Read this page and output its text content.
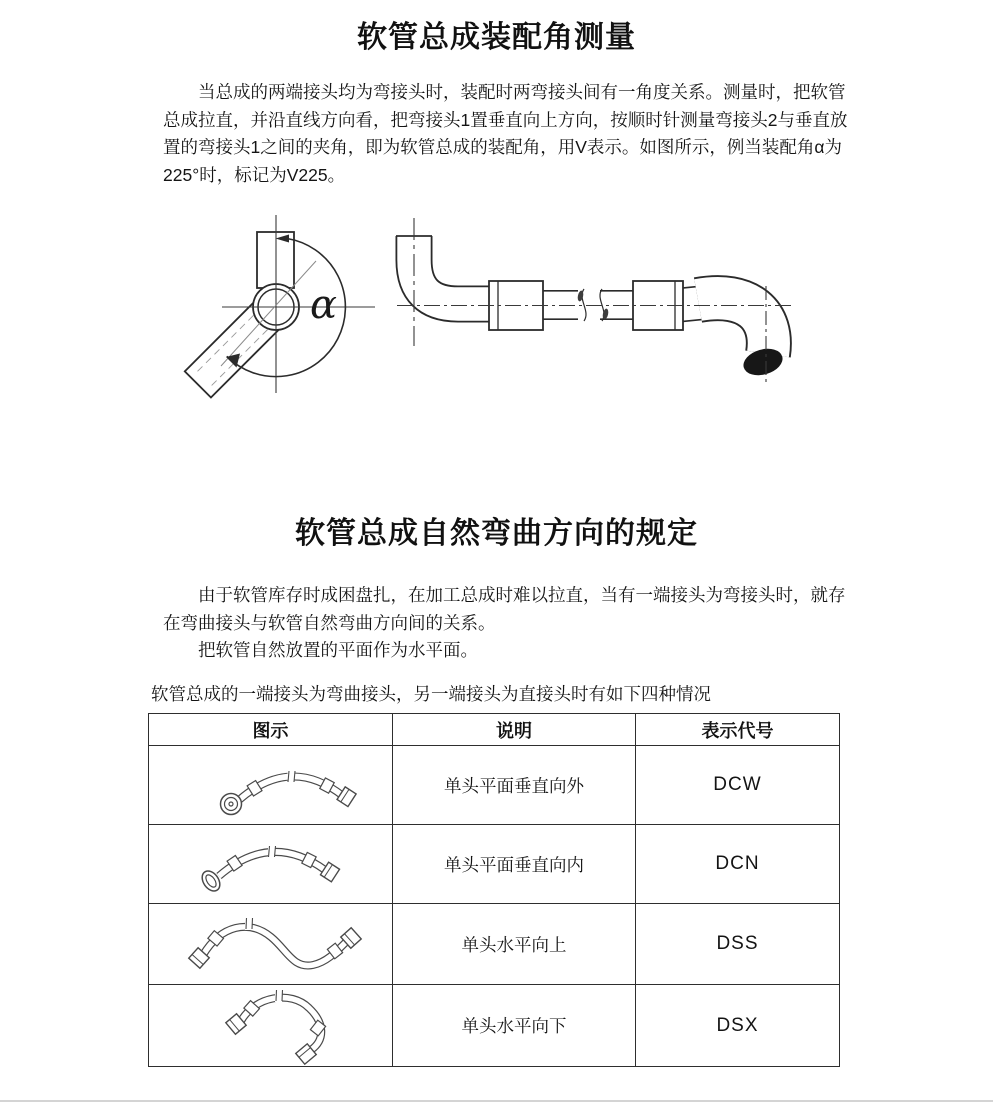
软管总成装配角测量
当总成的两端接头均为弯接头时，装配时两弯接头间有一角度关系。测量时，把软管
总成拉直，并沿直线方向看，把弯接头1置垂直向上方向，按顺时针测量弯接头2与垂直放
置的弯接头1之间的夹角，即为软管总成的装配角，用V表示。如图所示，例当装配角α为
225°时，标记为V225。
α
软管总成自然弯曲方向的规定
由于软管库存时成困盘扎，在加工总成时难以拉直，当有一端接头为弯接头时，就存
在弯曲接头与软管自然弯曲方向间的关系。
把软管自然放置的平面作为水平面。
软管总成的一端接头为弯曲接头，另一端接头为直接头时有如下四种情况
图示	说明	表示代号

	单头平面垂直向外	DCW

	单头平面垂直向内	DCN

	单头水平向上	DSS

	单头水平向下	DSX
